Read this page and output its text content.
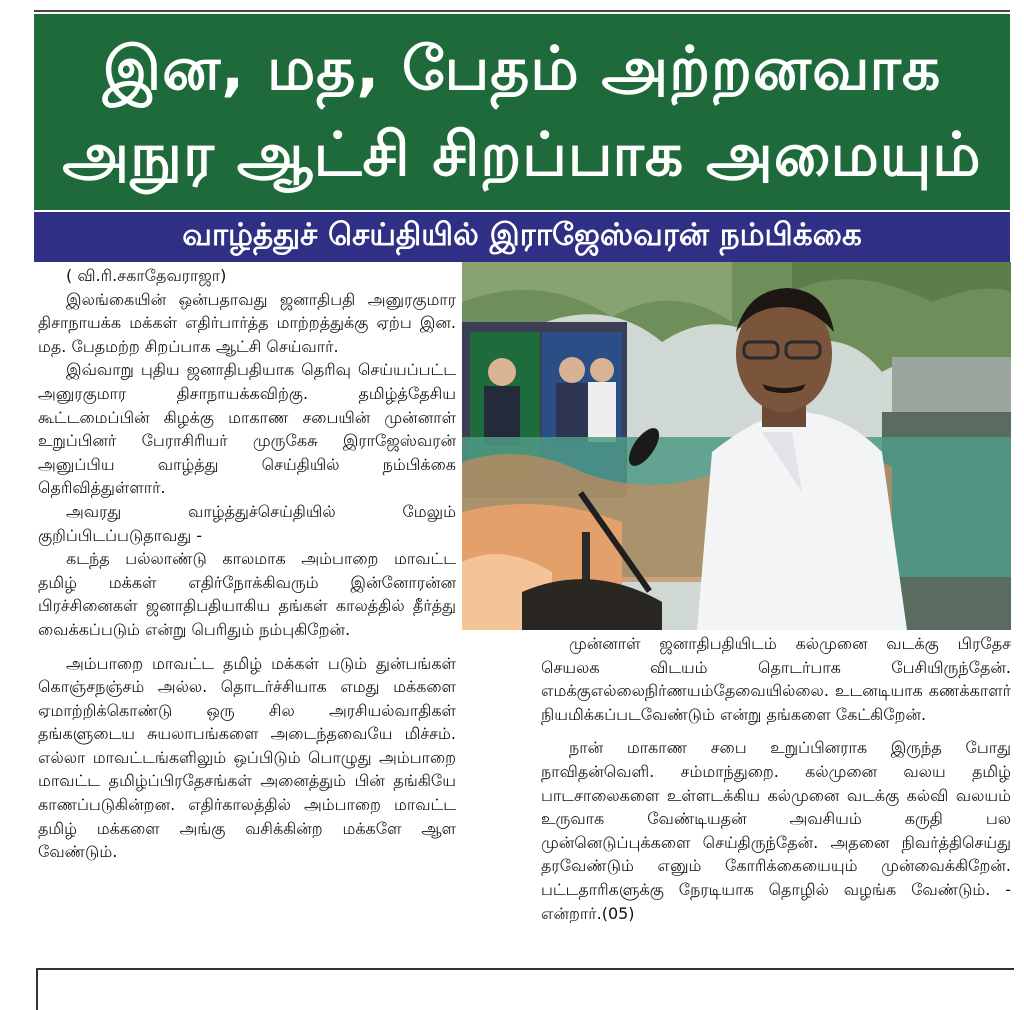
இன, மத, பேதம் அற்றனவாக
அநுர ஆட்சி சிறப்பாக அமையும்
வாழ்த்துச் செய்தியில் இராஜேஸ்வரன் நம்பிக்கை

( வி.ரி.சகாதேவராஜா)

இலங்கையின் ஒன்பதாவது ஜனாதிபதி அனுரகுமார திசாநாயக்க மக்கள் எதிர்பார்த்த மாற்றத்துக்கு ஏற்ப இன. மத. பேதமற்ற சிறப்பாக ஆட்சி செய்வார்.

இவ்வாறு புதிய ஜனாதிபதியாக தெரிவு செய்யப்பட்ட அனுரகுமார திசாநாயக்கவிற்கு. தமிழ்த்தேசிய கூட்டமைப்பின் கிழக்கு மாகாண சபையின் முன்னாள் உறுப்பினர் பேராசிரியர் முருகேசு இராஜேஸ்வரன் அனுப்பிய வாழ்த்து செய்தியில் நம்பிக்கை தெரிவித்துள்ளார்.

அவரது வாழ்த்துச்செய்தியில் மேலும் குறிப்பிடப்படுதாவது -

கடந்த பல்லாண்டு காலமாக அம்பாறை மாவட்ட தமிழ் மக்கள் எதிர்நோக்கிவரும் இன்னோரன்ன பிரச்சினைகள் ஜனாதிபதியாகிய தங்கள் காலத்தில் தீர்த்து வைக்கப்படும் என்று பெரிதும் நம்புகிறேன்.

அம்பாறை மாவட்ட தமிழ் மக்கள் படும் துன்பங்கள் கொஞ்சநஞ்சம் அல்ல. தொடர்ச்சியாக எமது மக்களை ஏமாற்றிக்கொண்டு ஒரு சில அரசியல்வாதிகள் தங்களுடைய சுயலாபங்களை அடைந்தவையே மிச்சம். எல்லா மாவட்டங்களிலும் ஒப்பிடும் பொழுது அம்பாறை மாவட்ட தமிழ்ப்பிரதேசங்கள் அனைத்தும் பின் தங்கியே காணப்படுகின்றன. எதிர்காலத்தில் அம்பாறை மாவட்ட தமிழ் மக்களை அங்கு வசிக்கின்ற மக்களே ஆள வேண்டும்.

முன்னாள் ஜனாதிபதியிடம் கல்முனை வடக்கு பிரதேச செயலக விடயம் தொடர்பாக பேசியிருந்தேன். எமக்குஎல்லைநிர்ணயம்தேவையில்லை. உடனடியாக கணக்காளர் நியமிக்கப்படவேண்டும் என்று தங்களை கேட்கிறேன்.

நான் மாகாண சபை உறுப்பினராக இருந்த போது நாவிதன்வெளி. சம்மாந்துறை. கல்முனை வலய தமிழ் பாடசாலைகளை உள்ளடக்கிய கல்முனை வடக்கு கல்வி வலயம் உருவாக வேண்டியதன் அவசியம் கருதி பல முன்னெடுப்புக்களை செய்திருந்தேன். அதனை நிவர்த்திசெய்து தரவேண்டும் எனும் கோரிக்கையையும் முன்வைக்கிறேன். பட்டதாரிகளுக்கு நேரடியாக தொழில் வழங்க வேண்டும். - என்றார்.(05)
